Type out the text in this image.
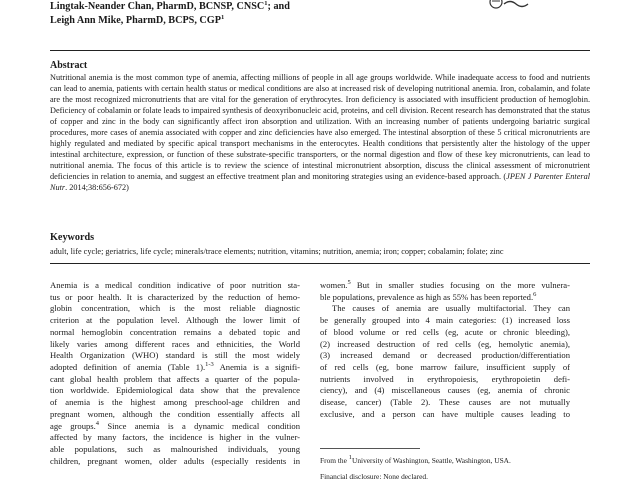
Lingtak-Neander Chan, PharmD, BCNSP, CNSC$^1$; and
Leigh Ann Mike, PharmD, BCPS, CGP$^1$
Abstract
Nutritional anemia is the most common type of anemia, affecting millions of people in all age groups worldwide. While inadequate access to food and nutrients can lead to anemia, patients with certain health status or medical conditions are also at increased risk of developing nutritional anemia. Iron, cobalamin, and folate are the most recognized micronutrients that are vital for the generation of erythrocytes. Iron deficiency is associated with insufficient production of hemoglobin. Deficiency of cobalamin or folate leads to impaired synthesis of deoxyribonucleic acid, proteins, and cell division. Recent research has demonstrated that the status of copper and zinc in the body can significantly affect iron absorption and utilization. With an increasing number of patients undergoing bariatric surgical procedures, more cases of anemia associated with copper and zinc deficiencies have also emerged. The intestinal absorption of these 5 critical micronutrients are highly regulated and mediated by specific apical transport mechanisms in the enterocytes. Health conditions that persistently alter the histology of the upper intestinal architecture, expression, or function of these substrate-specific transporters, or the normal digestion and flow of these key micronutrients, can lead to nutritional anemia. The focus of this article is to review the science of intestinal micronutrient absorption, discuss the clinical assessment of micronutrient deficiencies in relation to anemia, and suggest an effective treatment plan and monitoring strategies using an evidence-based approach. (JPEN J Parenter Enteral Nutr. 2014;38:656-672)
Keywords
adult, life cycle; geriatrics, life cycle; minerals/trace elements; nutrition, vitamins; nutrition, anemia; iron; copper; cobalamin; folate; zinc
Anemia is a medical condition indicative of poor nutrition sta-
tus or poor health. It is characterized by the reduction of hemo-
globin concentration, which is the most reliable diagnostic
criterion at the population level. Although the lower limit of
normal hemoglobin concentration remains a debated topic and
likely varies among different races and ethnicities, the World
Health Organization (WHO) standard is still the most widely
adopted definition of anemia (Table 1).$^{1-3}$ Anemia is a signifi-
cant global health problem that affects a quarter of the popula-
tion worldwide. Epidemiological data show that the prevalence
of anemia is the highest among preschool-age children and
pregnant women, although the condition essentially affects all
age groups.$^4$ Since anemia is a dynamic medical condition
affected by many factors, the incidence is higher in the vulner-
able populations, such as malnourished individuals, young
children, pregnant women, older adults (especially residents in
women.$^5$ But in smaller studies focusing on the more vulnera-
ble populations, prevalence as high as 55% has been reported.$^6$
The causes of anemia are usually multifactorial. They can
be generally grouped into 4 main categories: (1) increased loss
of blood volume or red cells (eg, acute or chronic bleeding),
(2) increased destruction of red cells (eg, hemolytic anemia),
(3) increased demand or decreased production/differentiation
of red cells (eg, bone marrow failure, insufficient supply of
nutrients involved in erythropoiesis, erythropoietin defi-
ciency), and (4) miscellaneous causes (eg, anemia of chronic
disease, cancer) (Table 2). These causes are not mutually
exclusive, and a person can have multiple causes leading to
From the $^1$University of Washington, Seattle, Washington, USA.
Financial disclosure: None declared.
